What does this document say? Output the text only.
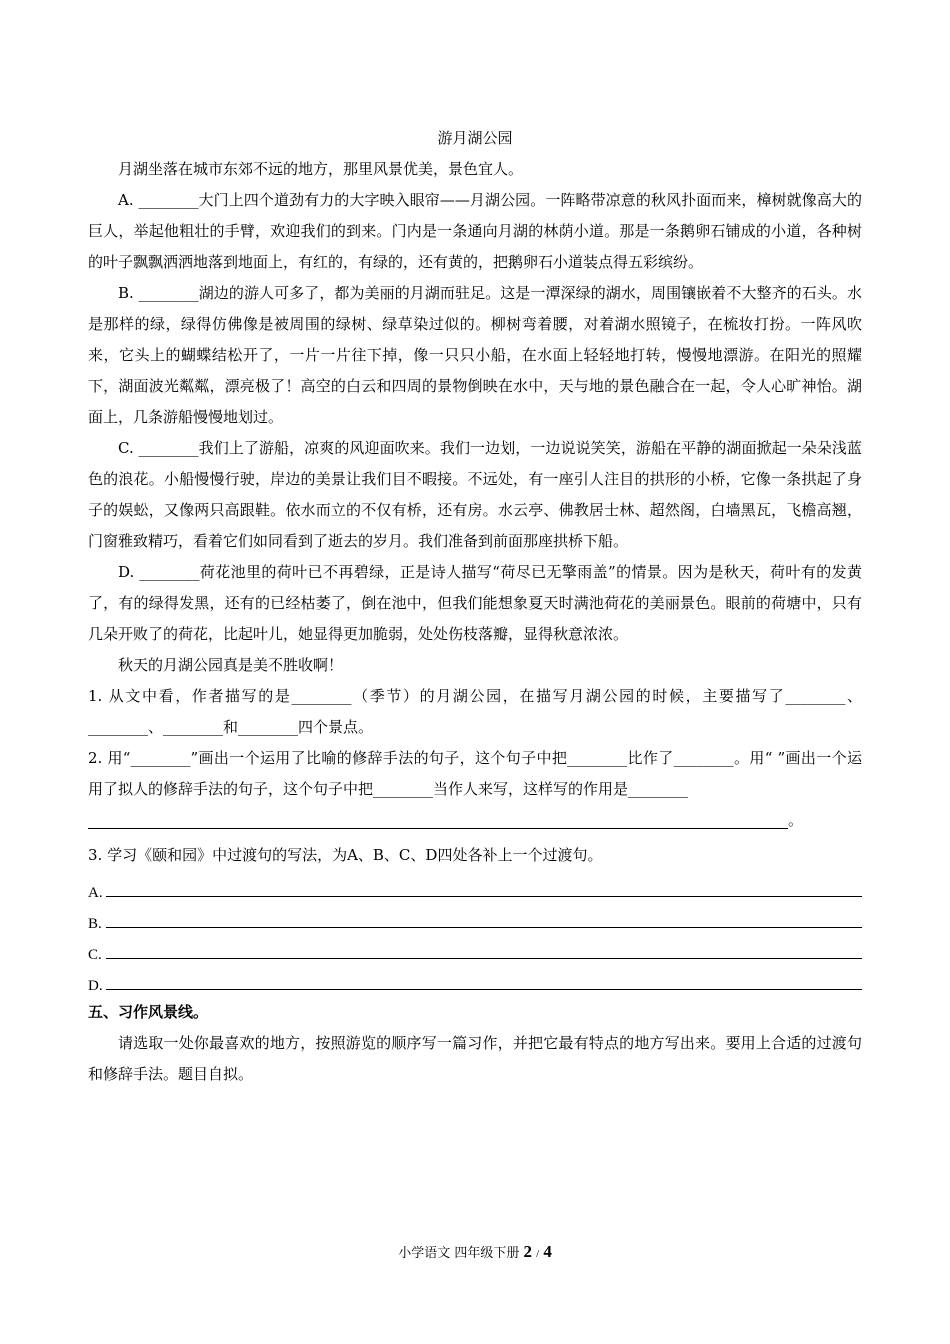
游月湖公园

月湖坐落在城市东郊不远的地方，那里风景优美，景色宜人。

A. ________大门上四个道劲有力的大字映入眼帘——月湖公园。一阵略带凉意的秋风扑面而来，樟树就像高大的巨人，举起他粗壮的手臂，欢迎我们的到来。门内是一条通向月湖的林荫小道。那是一条鹅卵石铺成的小道，各种树的叶子飘飘洒洒地落到地面上，有红的，有绿的，还有黄的，把鹅卵石小道装点得五彩缤纷。

B. ________湖边的游人可多了，都为美丽的月湖而驻足。这是一潭深绿的湖水，周围镶嵌着不大整齐的石头。水是那样的绿，绿得仿佛像是被周围的绿树、绿草染过似的。柳树弯着腰，对着湖水照镜子，在梳妆打扮。一阵风吹来，它头上的蝴蝶结松开了，一片一片往下掉，像一只只小船，在水面上轻轻地打转，慢慢地漂游。在阳光的照耀下，湖面波光粼粼，漂亮极了！高空的白云和四周的景物倒映在水中，天与地的景色融合在一起，令人心旷神怡。湖面上，几条游船慢慢地划过。

C. ________我们上了游船，凉爽的风迎面吹来。我们一边划，一边说说笑笑，游船在平静的湖面掀起一朵朵浅蓝色的浪花。小船慢慢行驶，岸边的美景让我们目不暇接。不远处，有一座引人注目的拱形的小桥，它像一条拱起了身子的娱蚣，又像两只高跟鞋。依水而立的不仅有桥，还有房。水云亭、佛教居士林、超然阁，白墙黑瓦，飞檐高翘，门窗雅致精巧，看着它们如同看到了逝去的岁月。我们准备到前面那座拱桥下船。

D. ________荷花池里的荷叶已不再碧绿，正是诗人描写“荷尽已无擎雨盖”的情景。因为是秋天，荷叶有的发黄了，有的绿得发黑，还有的已经枯萎了，倒在池中，但我们能想象夏天时满池荷花的美丽景色。眼前的荷塘中，只有几朵开败了的荷花，比起叶儿，她显得更加脆弱，处处伤枝落瓣，显得秋意浓浓。

秋天的月湖公园真是美不胜收啊！

1. 从文中看，作者描写的是________（季节）的月湖公园，在描写月湖公园的时候，主要描写了________、________、________和________四个景点。

2. 用“________”画出一个运用了比喻的修辞手法的句子，这个句子中把________比作了________。用“ ”画出一个运用了拟人的修辞手法的句子，这个句子中把________当作人来写，这样写的作用是________

。

3. 学习《颐和园》中过渡句的写法，为A、B、C、D四处各补上一个过渡句。

A.
B.
C.
D.
五、习作风景线。

请选取一处你最喜欢的地方，按照游览的顺序写一篇习作，并把它最有特点的地方写出来。要用上合适的过渡句和修辞手法。题目自拟。

小学语文 四年级下册 2 / 4
